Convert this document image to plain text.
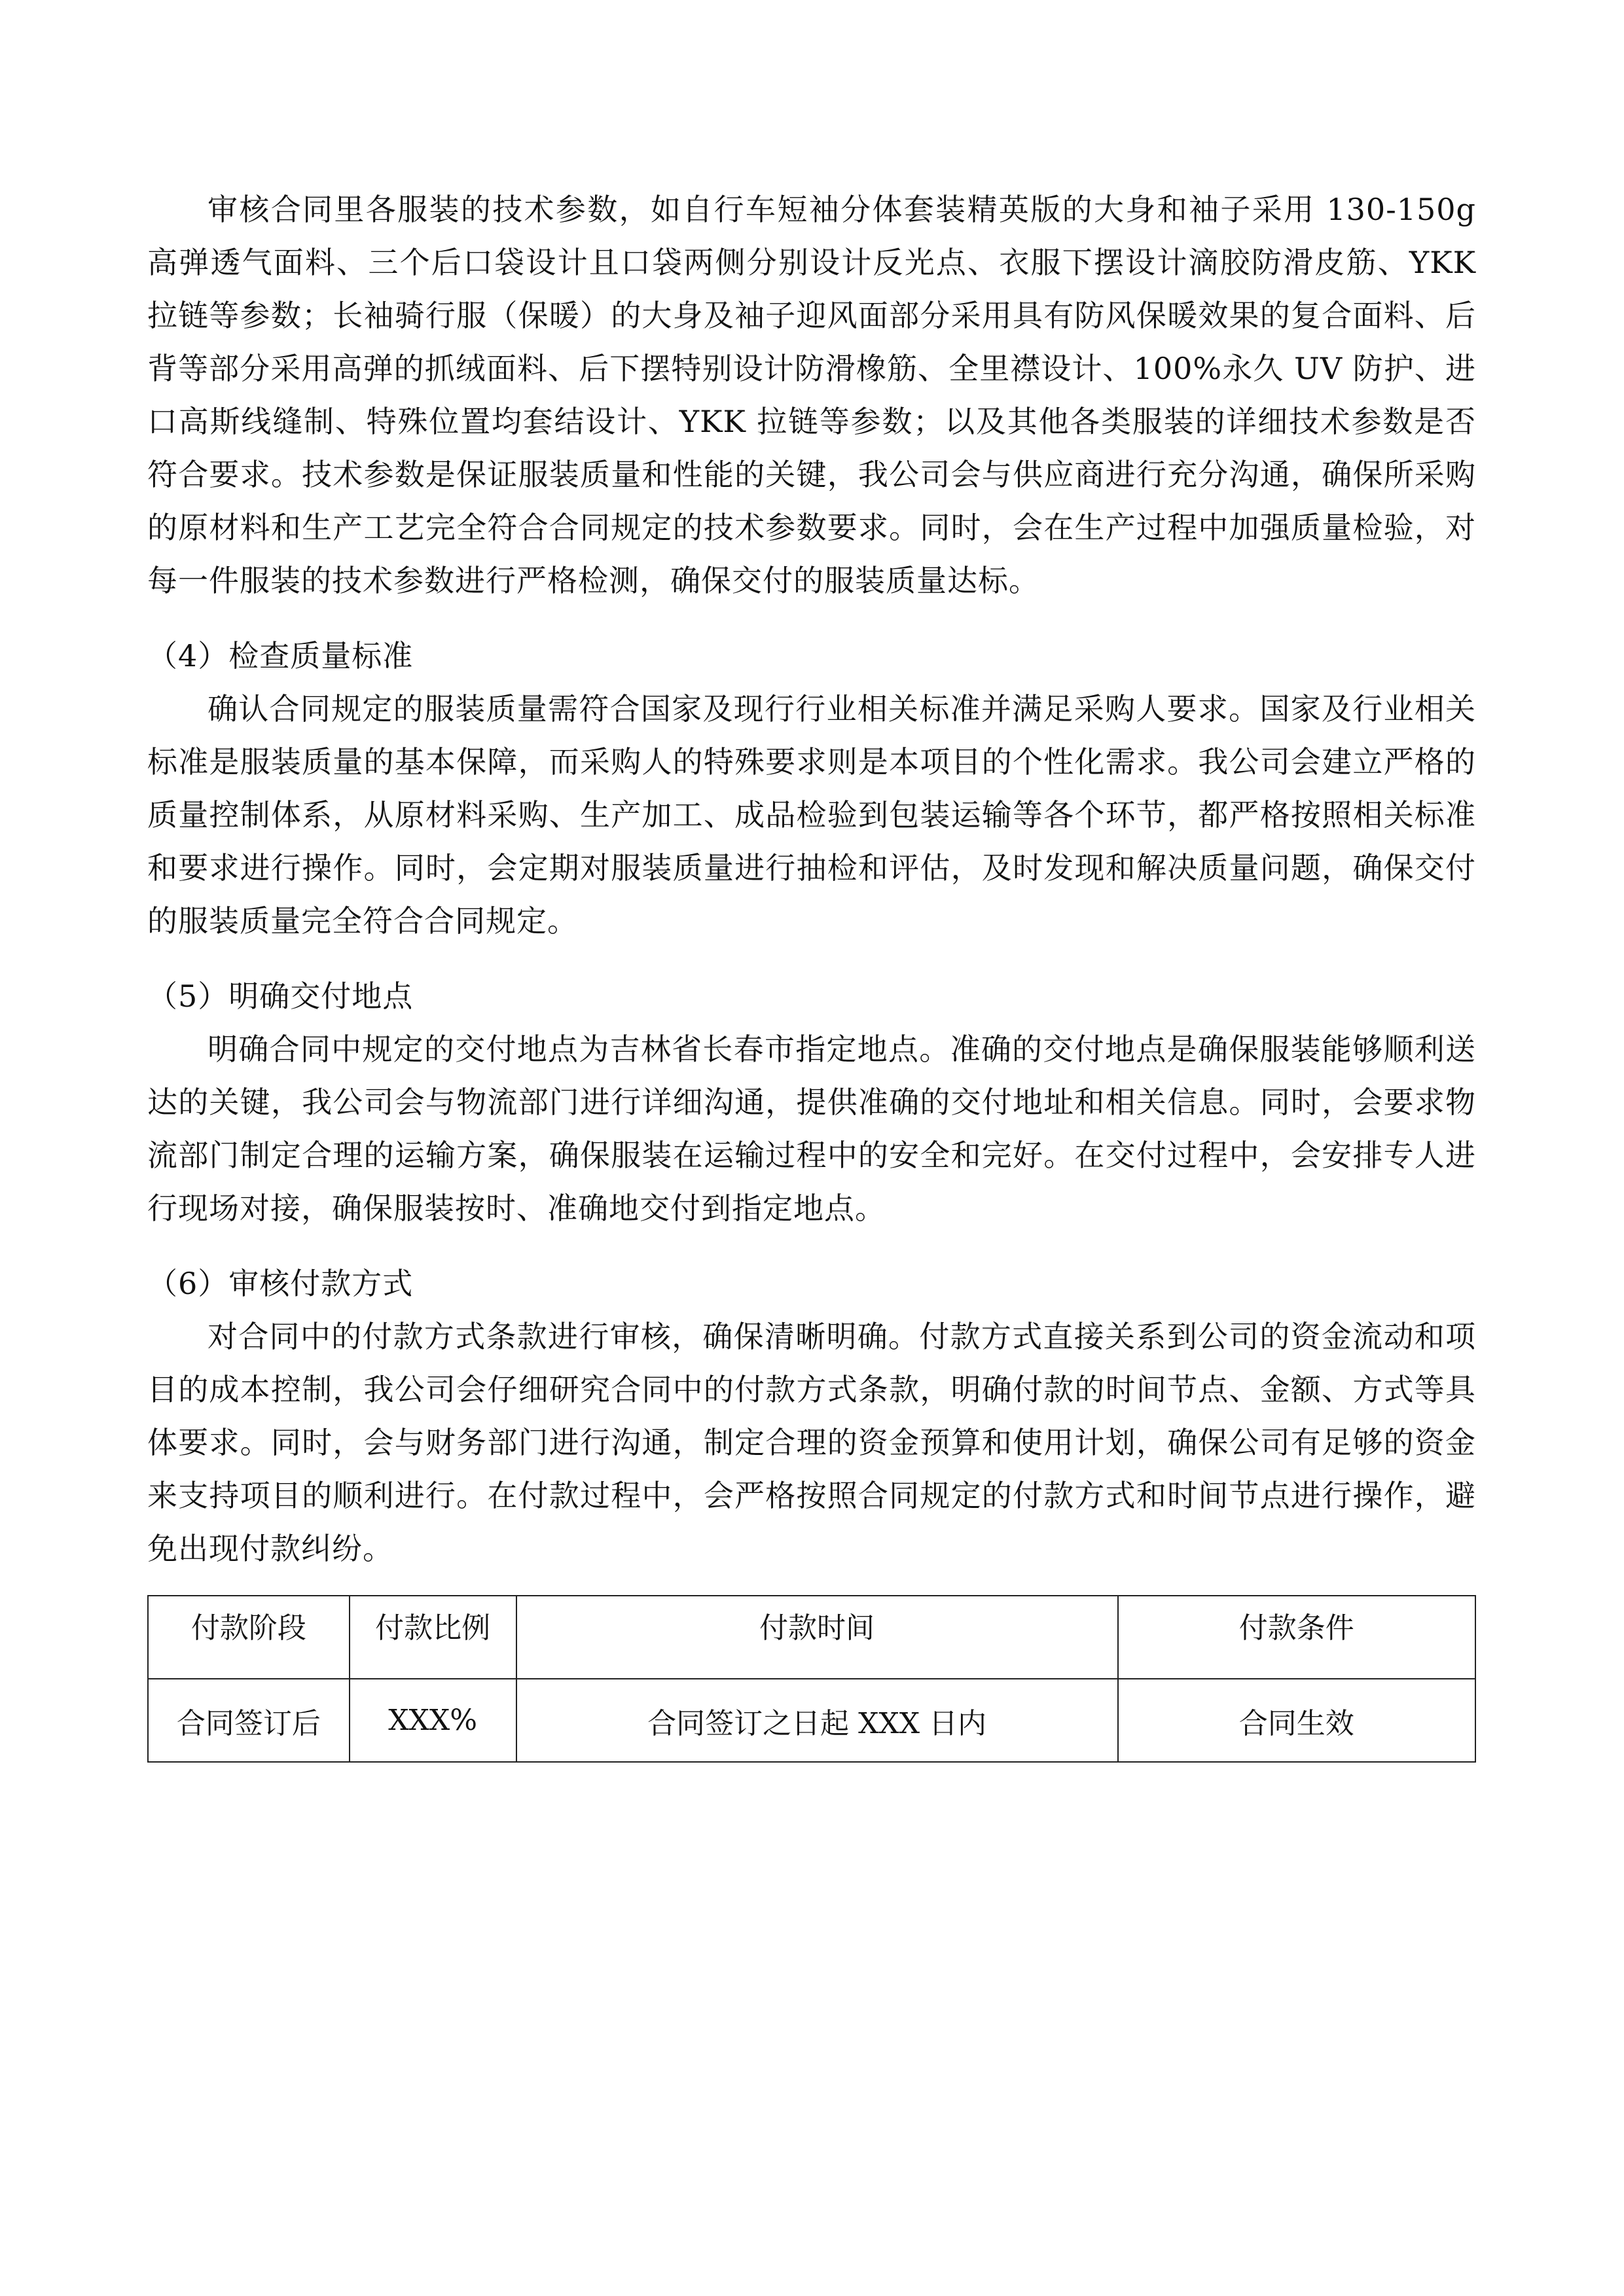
审核合同里各服装的技术参数，如自行车短袖分体套装精英版的大身和袖子采用 130-150g 高弹透气面料、三个后口袋设计且口袋两侧分别设计反光点、衣服下摆设计滴胶防滑皮筋、YKK 拉链等参数；长袖骑行服（保暖）的大身及袖子迎风面部分采用具有防风保暖效果的复合面料、后背等部分采用高弹的抓绒面料、后下摆特别设计防滑橡筋、全里襟设计、100%永久 UV 防护、进口高斯线缝制、特殊位置均套结设计、YKK 拉链等参数；以及其他各类服装的详细技术参数是否符合要求。技术参数是保证服装质量和性能的关键，我公司会与供应商进行充分沟通，确保所采购的原材料和生产工艺完全符合合同规定的技术参数要求。同时，会在生产过程中加强质量检验，对每一件服装的技术参数进行严格检测，确保交付的服装质量达标。

（4）检查质量标准

确认合同规定的服装质量需符合国家及现行行业相关标准并满足采购人要求。国家及行业相关标准是服装质量的基本保障，而采购人的特殊要求则是本项目的个性化需求。我公司会建立严格的质量控制体系，从原材料采购、生产加工、成品检验到包装运输等各个环节，都严格按照相关标准和要求进行操作。同时，会定期对服装质量进行抽检和评估，及时发现和解决质量问题，确保交付的服装质量完全符合合同规定。

（5）明确交付地点

明确合同中规定的交付地点为吉林省长春市指定地点。准确的交付地点是确保服装能够顺利送达的关键，我公司会与物流部门进行详细沟通，提供准确的交付地址和相关信息。同时，会要求物流部门制定合理的运输方案，确保服装在运输过程中的安全和完好。在交付过程中，会安排专人进行现场对接，确保服装按时、准确地交付到指定地点。

（6）审核付款方式

对合同中的付款方式条款进行审核，确保清晰明确。付款方式直接关系到公司的资金流动和项目的成本控制，我公司会仔细研究合同中的付款方式条款，明确付款的时间节点、金额、方式等具体要求。同时，会与财务部门进行沟通，制定合理的资金预算和使用计划，确保公司有足够的资金来支持项目的顺利进行。在付款过程中，会严格按照合同规定的付款方式和时间节点进行操作，避免出现付款纠纷。

付款阶段	付款比例	付款时间	付款条件
合同签订后	XXX%	合同签订之日起 XXX 日内	合同生效
